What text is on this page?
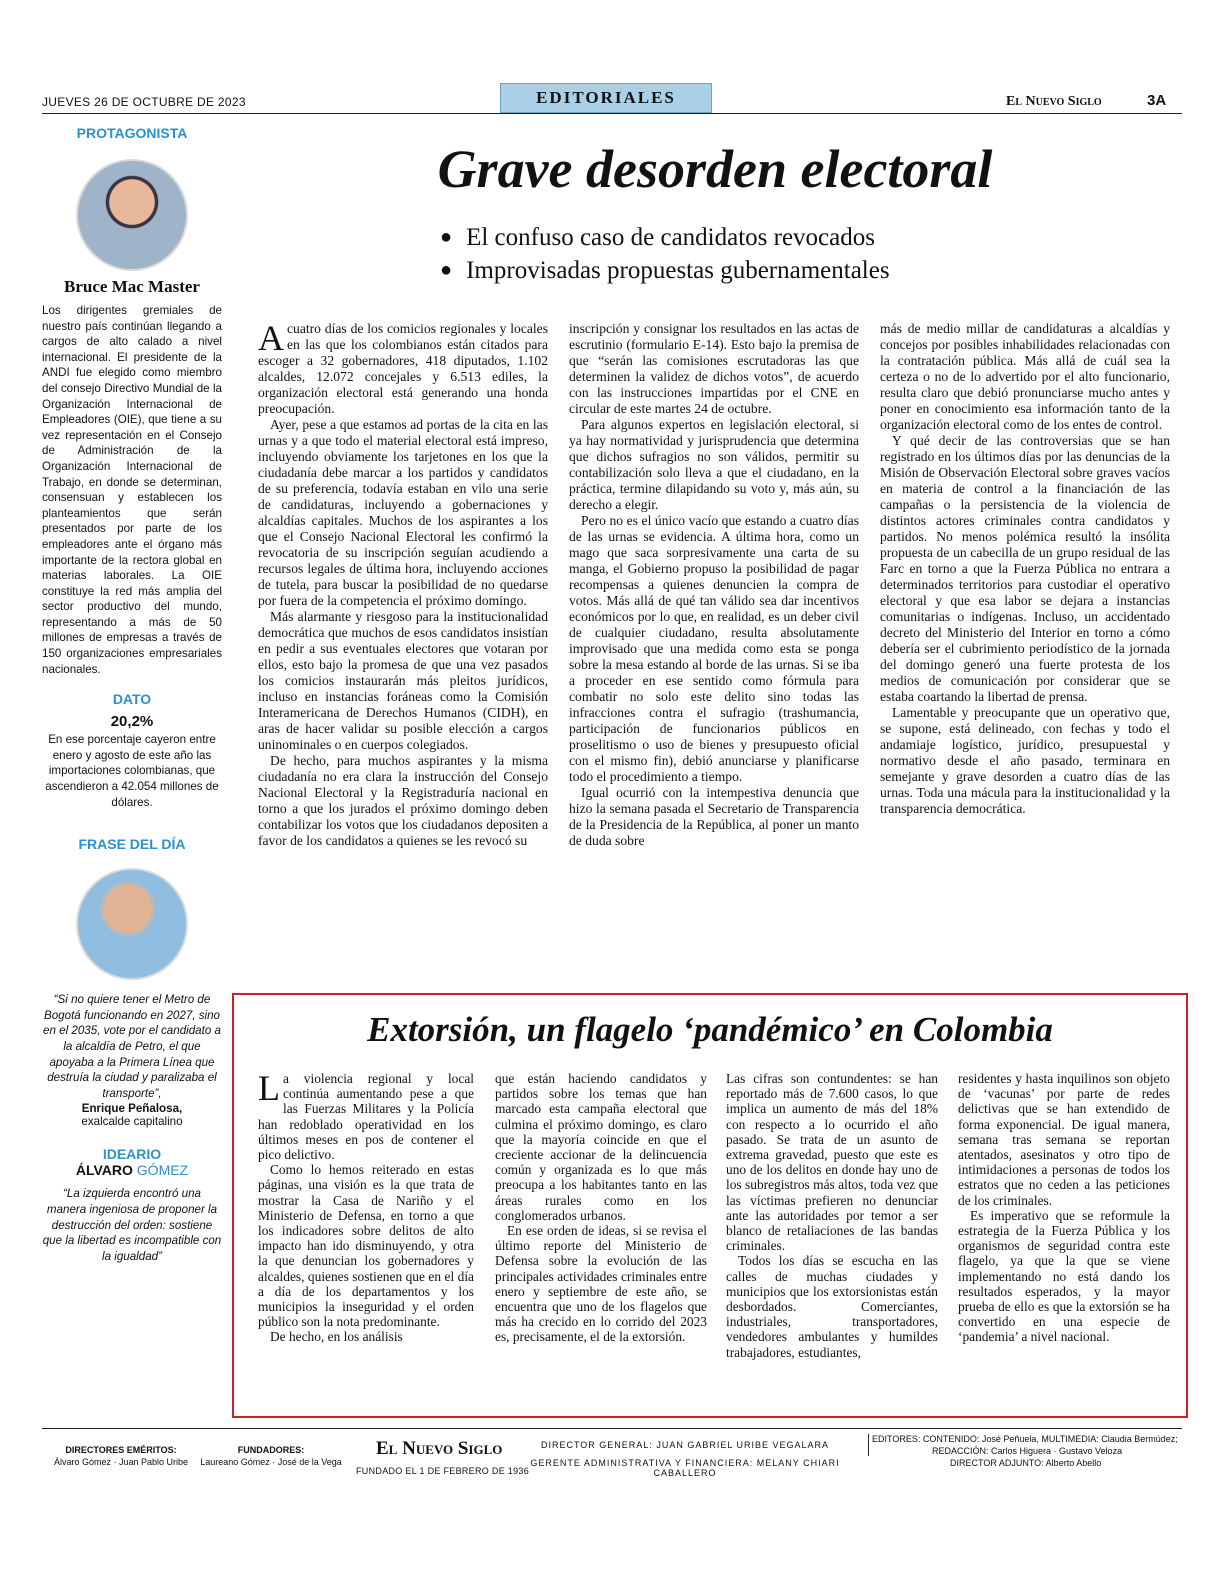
JUEVES 26 DE OCTUBRE DE 2023	EDITORIALES	El Nuevo Siglo	3A
PROTAGONISTA
Bruce Mac Master
Los dirigentes gremiales de nuestro país continúan llegando a cargos de alto calado a nivel internacional. El presidente de la ANDI fue elegido como miembro del consejo Directivo Mundial de la Organización Internacional de Empleadores (OIE), que tiene a su vez representación en el Consejo de Administración de la Organización Internacional de Trabajo, en donde se determinan, consensuan y establecen los planteamientos que serán presentados por parte de los empleadores ante el órgano más importante de la rectora global en materias laborales. La OIE constituye la red más amplia del sector productivo del mundo, representando a más de 50 millones de empresas a través de 150 organizaciones empresariales nacionales.
DATO
20,2%
En ese porcentaje cayeron entre enero y agosto de este año las importaciones colombianas, que ascendieron a 42.054 millones de dólares.
FRASE DEL DÍA
“Si no quiere tener el Metro de Bogotá funcionando en 2027, sino en el 2035, vote por el candidato a la alcaldía de Petro, el que apoyaba a la Primera Línea que destruía la ciudad y paralizaba el transporte”,
Enrique Peñalosa,
exalcalde capitalino
IDEARIO
ÁLVARO GÓMEZ
“La izquierda encontró una manera ingeniosa de proponer la destrucción del orden: sostiene que la libertad es incompatible con la igualdad”
Grave desorden electoral
● El confuso caso de candidatos revocados
● Improvisadas propuestas gubernamentales

A cuatro días de los comicios regionales y locales en las que los colombianos están citados para escoger a 32 gobernadores, 418 diputados, 1.102 alcaldes, 12.072 concejales y 6.513 ediles, la organización electoral está generando una honda preocupación.

Ayer, pese a que estamos ad portas de la cita en las urnas y a que todo el material electoral está impreso, incluyendo obviamente los tarjetones en los que la ciudadanía debe marcar a los partidos y candidatos de su preferencia, todavía estaban en vilo una serie de candidaturas, incluyendo a gobernaciones y alcaldías capitales. Muchos de los aspirantes a los que el Consejo Nacional Electoral les confirmó la revocatoria de su inscripción seguían acudiendo a recursos legales de última hora, incluyendo acciones de tutela, para buscar la posibilidad de no quedarse por fuera de la competencia el próximo domingo.

Más alarmante y riesgoso para la institucionalidad democrática que muchos de esos candidatos insistían en pedir a sus eventuales electores que votaran por ellos, esto bajo la promesa de que una vez pasados los comicios instaurarán más pleitos jurídicos, incluso en instancias foráneas como la Comisión Interamericana de Derechos Humanos (CIDH), en aras de hacer validar su posible elección a cargos uninominales o en cuerpos colegiados.

De hecho, para muchos aspirantes y la misma ciudadanía no era clara la instrucción del Consejo Nacional Electoral y la Registraduría nacional en torno a que los jurados el próximo domingo deben contabilizar los votos que los ciudadanos depositen a favor de los candidatos a quienes se les revocó su

inscripción y consignar los resultados en las actas de escrutinio (formulario E-14). Esto bajo la premisa de que “serán las comisiones escrutadoras las que determinen la validez de dichos votos”, de acuerdo con las instrucciones impartidas por el CNE en circular de este martes 24 de octubre.

Para algunos expertos en legislación electoral, si ya hay normatividad y jurisprudencia que determina que dichos sufragios no son válidos, permitir su contabilización solo lleva a que el ciudadano, en la práctica, termine dilapidando su voto y, más aún, su derecho a elegir.

Pero no es el único vacío que estando a cuatro días de las urnas se evidencia. A última hora, como un mago que saca sorpresivamente una carta de su manga, el Gobierno propuso la posibilidad de pagar recompensas a quienes denuncien la compra de votos. Más allá de qué tan válido sea dar incentivos económicos por lo que, en realidad, es un deber civil de cualquier ciudadano, resulta absolutamente improvisado que una medida como esta se ponga sobre la mesa estando al borde de las urnas. Si se iba a proceder en ese sentido como fórmula para combatir no solo este delito sino todas las infracciones contra el sufragio (trashumancia, participación de funcionarios públicos en proselitismo o uso de bienes y presupuesto oficial con el mismo fin), debió anunciarse y planificarse todo el procedimiento a tiempo.

Igual ocurrió con la intempestiva denuncia que hizo la semana pasada el Secretario de Transparencia de la Presidencia de la República, al poner un manto de duda sobre

más de medio millar de candidaturas a alcaldías y concejos por posibles inhabilidades relacionadas con la contratación pública. Más allá de cuál sea la certeza o no de lo advertido por el alto funcionario, resulta claro que debió pronunciarse mucho antes y poner en conocimiento esa información tanto de la organización electoral como de los entes de control.

Y qué decir de las controversias que se han registrado en los últimos días por las denuncias de la Misión de Observación Electoral sobre graves vacíos en materia de control a la financiación de las campañas o la persistencia de la violencia de distintos actores criminales contra candidatos y partidos. No menos polémica resultó la insólita propuesta de un cabecilla de un grupo residual de las Farc en torno a que la Fuerza Pública no entrara a determinados territorios para custodiar el operativo electoral y que esa labor se dejara a instancias comunitarias o indígenas. Incluso, un accidentado decreto del Ministerio del Interior en torno a cómo debería ser el cubrimiento periodístico de la jornada del domingo generó una fuerte protesta de los medios de comunicación por considerar que se estaba coartando la libertad de prensa.

Lamentable y preocupante que un operativo que, se supone, está delineado, con fechas y todo el andamiaje logístico, jurídico, presupuestal y normativo desde el año pasado, terminara en semejante y grave desorden a cuatro días de las urnas. Toda una mácula para la institucionalidad y la transparencia democrática.

Extorsión, un flagelo ‘pandémico’ en Colombia

La violencia regional y local continúa aumentando pese a que las Fuerzas Militares y la Policía han redoblado operatividad en los últimos meses en pos de contener el pico delictivo.

Como lo hemos reiterado en estas páginas, una visión es la que trata de mostrar la Casa de Nariño y el Ministerio de Defensa, en torno a que los indicadores sobre delitos de alto impacto han ido disminuyendo, y otra la que denuncian los gobernadores y alcaldes, quienes sostienen que en el día a día de los departamentos y los municipios la inseguridad y el orden público son la nota predominante.

De hecho, en los análisis

que están haciendo candidatos y partidos sobre los temas que han marcado esta campaña electoral que culmina el próximo domingo, es claro que la mayoría coincide en que el creciente accionar de la delincuencia común y organizada es lo que más preocupa a los habitantes tanto en las áreas rurales como en los conglomerados urbanos.

En ese orden de ideas, si se revisa el último reporte del Ministerio de Defensa sobre la evolución de las principales actividades criminales entre enero y septiembre de este año, se encuentra que uno de los flagelos que más ha crecido en lo corrido del 2023 es, precisamente, el de la extorsión.

Las cifras son contundentes: se han reportado más de 7.600 casos, lo que implica un aumento de más del 18% con respecto a lo ocurrido el año pasado. Se trata de un asunto de extrema gravedad, puesto que este es uno de los delitos en donde hay uno de los subregistros más altos, toda vez que las víctimas prefieren no denunciar ante las autoridades por temor a ser blanco de retaliaciones de las bandas criminales.

Todos los días se escucha en las calles de muchas ciudades y municipios que los extorsionistas están desbordados. Comerciantes, industriales, transportadores, vendedores ambulantes y humildes trabajadores, estudiantes,

residentes y hasta inquilinos son objeto de ‘vacunas’ por parte de redes delictivas que se han extendido de forma exponencial. De igual manera, semana tras semana se reportan atentados, asesinatos y otro tipo de intimidaciones a personas de todos los estratos que no ceden a las peticiones de los criminales.

Es imperativo que se reformule la estrategia de la Fuerza Pública y los organismos de seguridad contra este flagelo, ya que la que se viene implementando no está dando los resultados esperados, y la mayor prueba de ello es que la extorsión se ha convertido en una especie de ‘pandemia’ a nivel nacional.

DIRECTORES EMÉRITOS:
Álvaro Gómez · Juan Pablo Uribe
FUNDADORES:
Laureano Gómez · José de la Vega
El Nuevo Siglo
FUNDADO EL 1 DE FEBRERO DE 1936
DIRECTOR GENERAL: JUAN GABRIEL URIBE VEGALARA
GERENTE ADMINISTRATIVA Y FINANCIERA: MELANY CHIARI CABALLERO
EDITORES: CONTENIDO: José Peñuela, MULTIMEDIA: Claudia Bermúdez;
REDACCIÓN: Carlos Higuera · Gustavo Veloza
DIRECTOR ADJUNTO: Alberto Abello
